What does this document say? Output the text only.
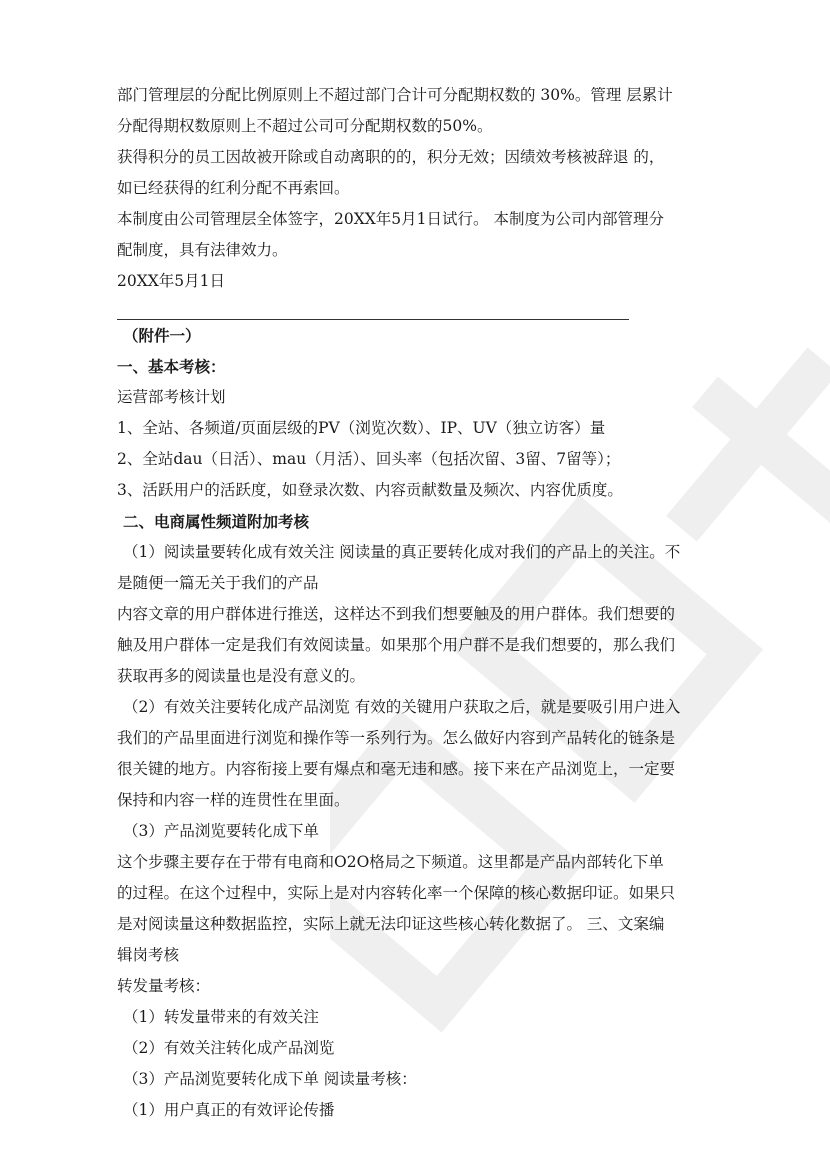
部门管理层的分配比例原则上不超过部门合计可分配期权数的 30%。管理 层累计
分配得期权数原则上不超过公司可分配期权数的50%。
获得积分的员工因故被开除或自动离职的的，积分无效；因绩效考核被辞退 的，
如已经获得的红利分配不再索回。
本制度由公司管理层全体签字，20XX年5月1日试行。 本制度为公司内部管理分
配制度，具有法律效力。
20XX年5月1日
（附件一）
一、基本考核：
运营部考核计划
1、全站、各频道/页面层级的PV（浏览次数）、IP、UV（独立访客）量
2、全站dau（日活）、mau（月活）、回头率（包括次留、3留、7留等）；
3、活跃用户的活跃度，如登录次数、内容贡献数量及频次、内容优质度。
二、电商属性频道附加考核
（1）阅读量要转化成有效关注 阅读量的真正要转化成对我们的产品上的关注。不
是随便一篇无关于我们的产品
内容文章的用户群体进行推送，这样达不到我们想要触及的用户群体。我们想要的
触及用户群体一定是我们有效阅读量。如果那个用户群不是我们想要的，那么我们
获取再多的阅读量也是没有意义的。
（2）有效关注要转化成产品浏览 有效的关键用户获取之后，就是要吸引用户进入
我们的产品里面进行浏览和操作等一系列行为。怎么做好内容到产品转化的链条是
很关键的地方。内容衔接上要有爆点和毫无违和感。接下来在产品浏览上，一定要
保持和内容一样的连贯性在里面。
（3）产品浏览要转化成下单
这个步骤主要存在于带有电商和O2O格局之下频道。这里都是产品内部转化下单
的过程。在这个过程中，实际上是对内容转化率一个保障的核心数据印证。如果只
是对阅读量这种数据监控，实际上就无法印证这些核心转化数据了。 三、文案编
辑岗考核
转发量考核：
（1）转发量带来的有效关注
（2）有效关注转化成产品浏览
（3）产品浏览要转化成下单 阅读量考核：
（1）用户真正的有效评论传播
